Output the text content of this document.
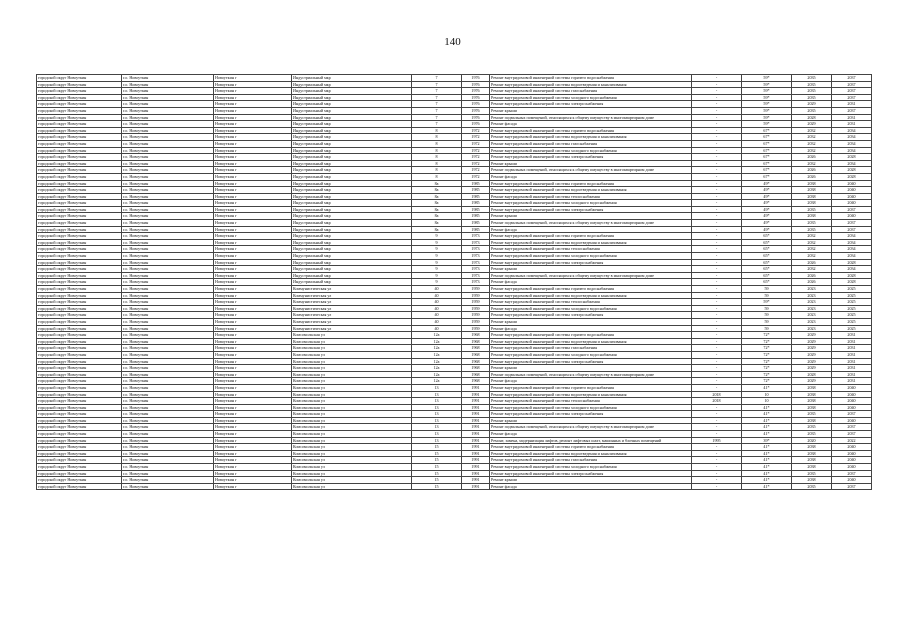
140
городской округ Новоуткин	г.о. Новоуткин	Новоуткин г	Индустриальный мкр	7	1976	Ремонт внутридомовой инженерной системы горячего водоснабжения	-	59*	2035	2037
городской округ Новоуткин	г.о. Новоуткин	Новоуткин г	Индустриальный мкр	7	1976	Ремонт внутридомовой инженерной системы водоотведения и канализования	-	59*	2035	2037
городской округ Новоуткин	г.о. Новоуткин	Новоуткин г	Индустриальный мкр	7	1976	Ремонт внутридомовой инженерной системы газоснабжения	-	59*	2035	2037
городской округ Новоуткин	г.о. Новоуткин	Новоуткин г	Индустриальный мкр	7	1976	Ремонт внутридомовой инженерной системы холодного водоснабжения	-	59*	2035	2037
городской округ Новоуткин	г.о. Новоуткин	Новоуткин г	Индустриальный мкр	7	1976	Ремонт внутридомовой инженерной системы электроснабжения	-	59*	2029	2031
городской округ Новоуткин	г.о. Новоуткин	Новоуткин г	Индустриальный мкр	7	1976	Ремонт крыши	-	59*	2035	2037
городской округ Новоуткин	г.о. Новоуткин	Новоуткин г	Индустриальный мкр	7	1976	Ремонт подвальных помещений, относящихся к общему имуществу в многоквартирном доме	-	59*	2028	2031
городской округ Новоуткин	г.о. Новоуткин	Новоуткин г	Индустриальный мкр	7	1976	Ремонт фасада	-	59*	2029	2031
городской округ Новоуткин	г.о. Новоуткин	Новоуткин г	Индустриальный мкр	8	1972	Ремонт внутридомовой инженерной системы горячего водоснабжения	-	67*	2032	2034
городской округ Новоуткин	г.о. Новоуткин	Новоуткин г	Индустриальный мкр	8	1972	Ремонт внутридомовой инженерной системы водоотведения и канализования	-	67*	2032	2034
городской округ Новоуткин	г.о. Новоуткин	Новоуткин г	Индустриальный мкр	8	1972	Ремонт внутридомовой инженерной системы газоснабжения	-	67*	2032	2034
городской округ Новоуткин	г.о. Новоуткин	Новоуткин г	Индустриальный мкр	8	1972	Ремонт внутридомовой инженерной системы холодного водоснабжения	-	67*	2032	2034
городской округ Новоуткин	г.о. Новоуткин	Новоуткин г	Индустриальный мкр	8	1972	Ремонт внутридомовой инженерной системы электроснабжения	-	67*	2026	2028
городской округ Новоуткин	г.о. Новоуткин	Новоуткин г	Индустриальный мкр	8	1972	Ремонт крыши	-	67*	2032	2034
городской округ Новоуткин	г.о. Новоуткин	Новоуткин г	Индустриальный мкр	8	1972	Ремонт подвальных помещений, относящихся к общему имуществу в многоквартирном доме	-	67*	2026	2028
городской округ Новоуткин	г.о. Новоуткин	Новоуткин г	Индустриальный мкр	8	1972	Ремонт фасада	-	67*	2026	2028
городской округ Новоуткин	г.о. Новоуткин	Новоуткин г	Индустриальный мкр	8а	1985	Ремонт внутридомовой инженерной системы горячего водоснабжения	-	49*	2038	2040
городской округ Новоуткин	г.о. Новоуткин	Новоуткин г	Индустриальный мкр	8а	1985	Ремонт внутридомовой инженерной системы водоотведения и канализования	-	49*	2038	2040
городской округ Новоуткин	г.о. Новоуткин	Новоуткин г	Индустриальный мкр	8а	1985	Ремонт внутридомовой инженерной системы теплоснабжения	-	49*	2038	2040
городской округ Новоуткин	г.о. Новоуткин	Новоуткин г	Индустриальный мкр	8а	1985	Ремонт внутридомовой инженерной системы холодного водоснабжения	-	49*	2038	2040
городской округ Новоуткин	г.о. Новоуткин	Новоуткин г	Индустриальный мкр	8а	1985	Ремонт внутридомовой инженерной системы электроснабжения	-	49*	2035	2037
городской округ Новоуткин	г.о. Новоуткин	Новоуткин г	Индустриальный мкр	8а	1985	Ремонт крыши	-	49*	2038	2040
городской округ Новоуткин	г.о. Новоуткин	Новоуткин г	Индустриальный мкр	8а	1985	Ремонт подвальных помещений, относящихся к общему имуществу в многоквартирном доме	-	49*	2035	2037
городской округ Новоуткин	г.о. Новоуткин	Новоуткин г	Индустриальный мкр	8а	1985	Ремонт фасада	-	49*	2035	2037
городской округ Новоуткин	г.о. Новоуткин	Новоуткин г	Индустриальный мкр	9	1973	Ремонт внутридомовой инженерной системы горячего водоснабжения	-	65*	2032	2034
городской округ Новоуткин	г.о. Новоуткин	Новоуткин г	Индустриальный мкр	9	1973	Ремонт внутридомовой инженерной системы водоотведения и канализования	-	65*	2032	2034
городской округ Новоуткин	г.о. Новоуткин	Новоуткин г	Индустриальный мкр	9	1973	Ремонт внутридомовой инженерной системы теплоснабжения	-	65*	2032	2034
городской округ Новоуткин	г.о. Новоуткин	Новоуткин г	Индустриальный мкр	9	1973	Ремонт внутридомовой инженерной системы холодного водоснабжения	-	65*	2032	2034
городской округ Новоуткин	г.о. Новоуткин	Новоуткин г	Индустриальный мкр	9	1973	Ремонт внутридомовой инженерной системы электроснабжения	-	65*	2026	2028
городской округ Новоуткин	г.о. Новоуткин	Новоуткин г	Индустриальный мкр	9	1973	Ремонт крыши	-	65*	2032	2034
городской округ Новоуткин	г.о. Новоуткин	Новоуткин г	Индустриальный мкр	9	1973	Ремонт подвальных помещений, относящихся к общему имуществу в многоквартирном доме	-	65*	2026	2028
городской округ Новоуткин	г.о. Новоуткин	Новоуткин г	Индустриальный мкр	9	1973	Ремонт фасада	-	65*	2026	2028
городской округ Новоуткин	г.о. Новоуткин	Новоуткин г	Коммунистическая ул	40	1959	Ремонт внутридомовой инженерной системы горячего водоснабжения	-	59	2023	2025
городской округ Новоуткин	г.о. Новоуткин	Новоуткин г	Коммунистическая ул	40	1959	Ремонт внутридомовой инженерной системы водоотведения и канализования	-	59	2023	2025
городской округ Новоуткин	г.о. Новоуткин	Новоуткин г	Коммунистическая ул	40	1959	Ремонт внутридомовой инженерной системы теплоснабжения	-	59*	2023	2025
городской округ Новоуткин	г.о. Новоуткин	Новоуткин г	Коммунистическая ул	40	1959	Ремонт внутридомовой инженерной системы холодного водоснабжения	-	59	2023	2025
городской округ Новоуткин	г.о. Новоуткин	Новоуткин г	Коммунистическая ул	40	1959	Ремонт внутридомовой инженерной системы электроснабжения	-	59	2023	2025
городской округ Новоуткин	г.о. Новоуткин	Новоуткин г	Коммунистическая ул	40	1959	Ремонт крыши	-	59	2023	2025
городской округ Новоуткин	г.о. Новоуткин	Новоуткин г	Коммунистическая ул	40	1959	Ремонт фасада	-	59	2023	2025
городской округ Новоуткин	г.о. Новоуткин	Новоуткин г	Комсомольская ул	12а	1968	Ремонт внутридомовой инженерной системы горячего водоснабжения	-	72*	2029	2031
городской округ Новоуткин	г.о. Новоуткин	Новоуткин г	Комсомольская ул	12а	1968	Ремонт внутридомовой инженерной системы водоотведения и канализования	-	72*	2029	2031
городской округ Новоуткин	г.о. Новоуткин	Новоуткин г	Комсомольская ул	12а	1968	Ремонт внутридомовой инженерной системы газоснабжения	-	72*	2029	2031
городской округ Новоуткин	г.о. Новоуткин	Новоуткин г	Комсомольская ул	12а	1968	Ремонт внутридомовой инженерной системы холодного водоснабжения	-	72*	2029	2031
городской округ Новоуткин	г.о. Новоуткин	Новоуткин г	Комсомольская ул	12а	1968	Ремонт внутридомовой инженерной системы электроснабжения	-	72*	2029	2031
городской округ Новоуткин	г.о. Новоуткин	Новоуткин г	Комсомольская ул	12а	1968	Ремонт крыши	-	72*	2029	2031
городской округ Новоуткин	г.о. Новоуткин	Новоуткин г	Комсомольская ул	12а	1968	Ремонт подвальных помещений, относящихся к общему имуществу в многоквартирном доме	-	72*	2028	2031
городской округ Новоуткин	г.о. Новоуткин	Новоуткин г	Комсомольская ул	12а	1968	Ремонт фасада	-	72*	2029	2031
городской округ Новоуткин	г.о. Новоуткин	Новоуткин г	Комсомольская ул	13	1991	Ремонт внутридомовой инженерной системы горячего водоснабжения	-	41*	2038	2040
городской округ Новоуткин	г.о. Новоуткин	Новоуткин г	Комсомольская ул	13	1991	Ремонт внутридомовой инженерной системы водоотведения и канализования	2018	10	2038	2040
городской округ Новоуткин	г.о. Новоуткин	Новоуткин г	Комсомольская ул	13	1991	Ремонт внутридомовой инженерной системы теплоснабжения	2018	10	2038	2040
городской округ Новоуткин	г.о. Новоуткин	Новоуткин г	Комсомольская ул	13	1991	Ремонт внутридомовой инженерной системы холодного водоснабжения	-	41*	2038	2040
городской округ Новоуткин	г.о. Новоуткин	Новоуткин г	Комсомольская ул	13	1991	Ремонт внутридомовой инженерной системы электроснабжения	-	41*	2035	2037
городской округ Новоуткин	г.о. Новоуткин	Новоуткин г	Комсомольская ул	13	1991	Ремонт крыши	-	41*	2038	2040
городской округ Новоуткин	г.о. Новоуткин	Новоуткин г	Комсомольская ул	13	1991	Ремонт подвальных помещений, относящихся к общему имуществу в многоквартирном доме	-	41*	2035	2037
городской округ Новоуткин	г.о. Новоуткин	Новоуткин г	Комсомольская ул	13	1991	Ремонт фасада	-	41*	2035	2037
городской округ Новоуткин	г.о. Новоуткин	Новоуткин г	Комсомольская ул	13	1991	Ремонт, замена, модернизация лифтов, ремонт лифтовых шахт, машинных и блочных помещений	1995	39*	2020	2022
городской округ Новоуткин	г.о. Новоуткин	Новоуткин г	Комсомольская ул	15	1991	Ремонт внутридомовой инженерной системы горячего водоснабжения	-	41*	2038	2040
городской округ Новоуткин	г.о. Новоуткин	Новоуткин г	Комсомольская ул	15	1991	Ремонт внутридомовой инженерной системы водоотведения и канализования	-	41*	2038	2040
городской округ Новоуткин	г.о. Новоуткин	Новоуткин г	Комсомольская ул	15	1991	Ремонт внутридомовой инженерной системы газоснабжения	-	41*	2038	2040
городской округ Новоуткин	г.о. Новоуткин	Новоуткин г	Комсомольская ул	15	1991	Ремонт внутридомовой инженерной системы холодного водоснабжения	-	41*	2038	2040
городской округ Новоуткин	г.о. Новоуткин	Новоуткин г	Комсомольская ул	15	1991	Ремонт внутридомовой инженерной системы электроснабжения	-	41*	2035	2037
городской округ Новоуткин	г.о. Новоуткин	Новоуткин г	Комсомольская ул	15	1991	Ремонт крыши	-	41*	2038	2040
городской округ Новоуткин	г.о. Новоуткин	Новоуткин г	Комсомольская ул	15	1991	Ремонт фасада	-	41*	2035	2037
